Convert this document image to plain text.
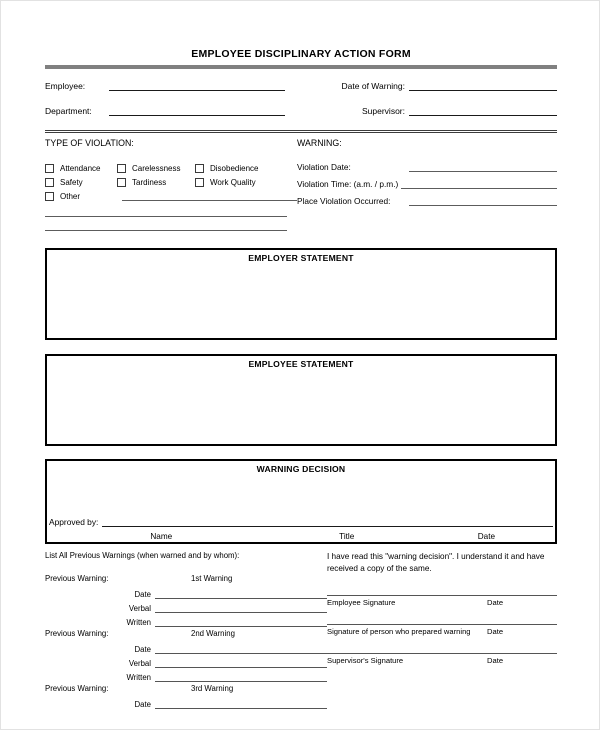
EMPLOYEE DISCIPLINARY ACTION FORM
Employee:	Date of Warning:
Department:	Supervisor:
TYPE OF VIOLATION:
Attendance	Carelessness	Disobedience
Safety	Tardiness	Work Quality
Other
WARNING:
Violation Date:
Violation Time: (a.m. / p.m.)
Place Violation Occurred:
EMPLOYER STATEMENT
EMPLOYEE STATEMENT
WARNING DECISION
Approved by:
Name	Title	Date
List All Previous Warnings (when warned and by whom):
Previous Warning:	1st Warning
Date
Verbal
Written
Previous Warning:	2nd Warning
Date
Verbal
Written
Previous Warning:	3rd Warning
Date
I have read this "warning decision". I understand it and have received a copy of the same.
Employee Signature	Date
Signature of person who prepared warning	Date
Supervisor's Signature	Date
